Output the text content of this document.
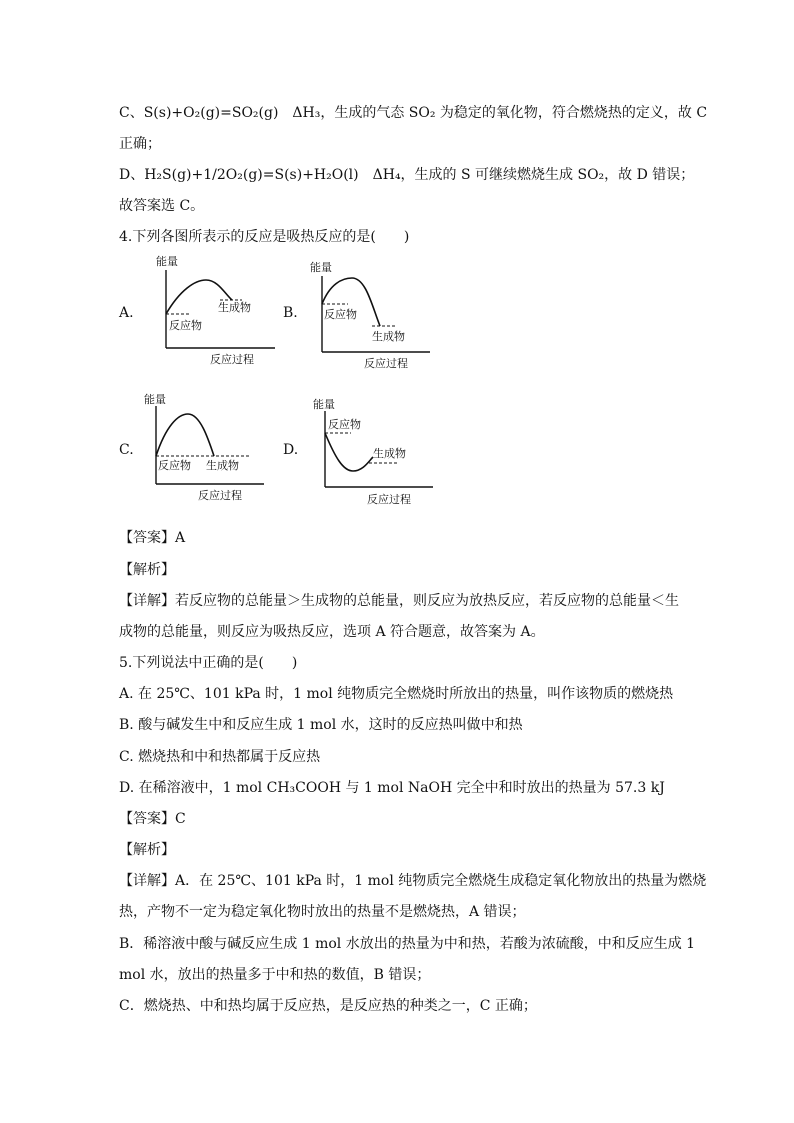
C、S(s)+O₂(g)=SO₂(g)　ΔH₃，生成的气态 SO₂ 为稳定的氧化物，符合燃烧热的定义，故 C
正确；
D、H₂S(g)+1/2O₂(g)=S(s)+H₂O(l)　ΔH₄，生成的 S 可继续燃烧生成 SO₂，故 D 错误；
故答案选 C。
4.下列各图所表示的反应是吸热反应的是(　　)
A.
能量
反应物
生成物
反应过程
B.
能量
反应物
生成物
反应过程
C.
能量
反应物 生成物
反应过程
D.
能量
反应物
生成物
反应过程
【答案】A
【解析】
【详解】若反应物的总能量＞生成物的总能量，则反应为放热反应，若反应物的总能量＜生
成物的总能量，则反应为吸热反应，选项 A 符合题意，故答案为 A。
5.下列说法中正确的是(　　)
A. 在 25℃、101 kPa 时，1 mol 纯物质完全燃烧时所放出的热量，叫作该物质的燃烧热
B. 酸与碱发生中和反应生成 1 mol 水，这时的反应热叫做中和热
C. 燃烧热和中和热都属于反应热
D. 在稀溶液中，1 mol CH₃COOH 与 1 mol NaOH 完全中和时放出的热量为 57.3 kJ
【答案】C
【解析】
【详解】A．在 25℃、101 kPa 时，1 mol 纯物质完全燃烧生成稳定氧化物放出的热量为燃烧
热，产物不一定为稳定氧化物时放出的热量不是燃烧热，A 错误；
B．稀溶液中酸与碱反应生成 1 mol 水放出的热量为中和热，若酸为浓硫酸，中和反应生成 1
mol 水，放出的热量多于中和热的数值，B 错误；
C．燃烧热、中和热均属于反应热，是反应热的种类之一，C 正确；
